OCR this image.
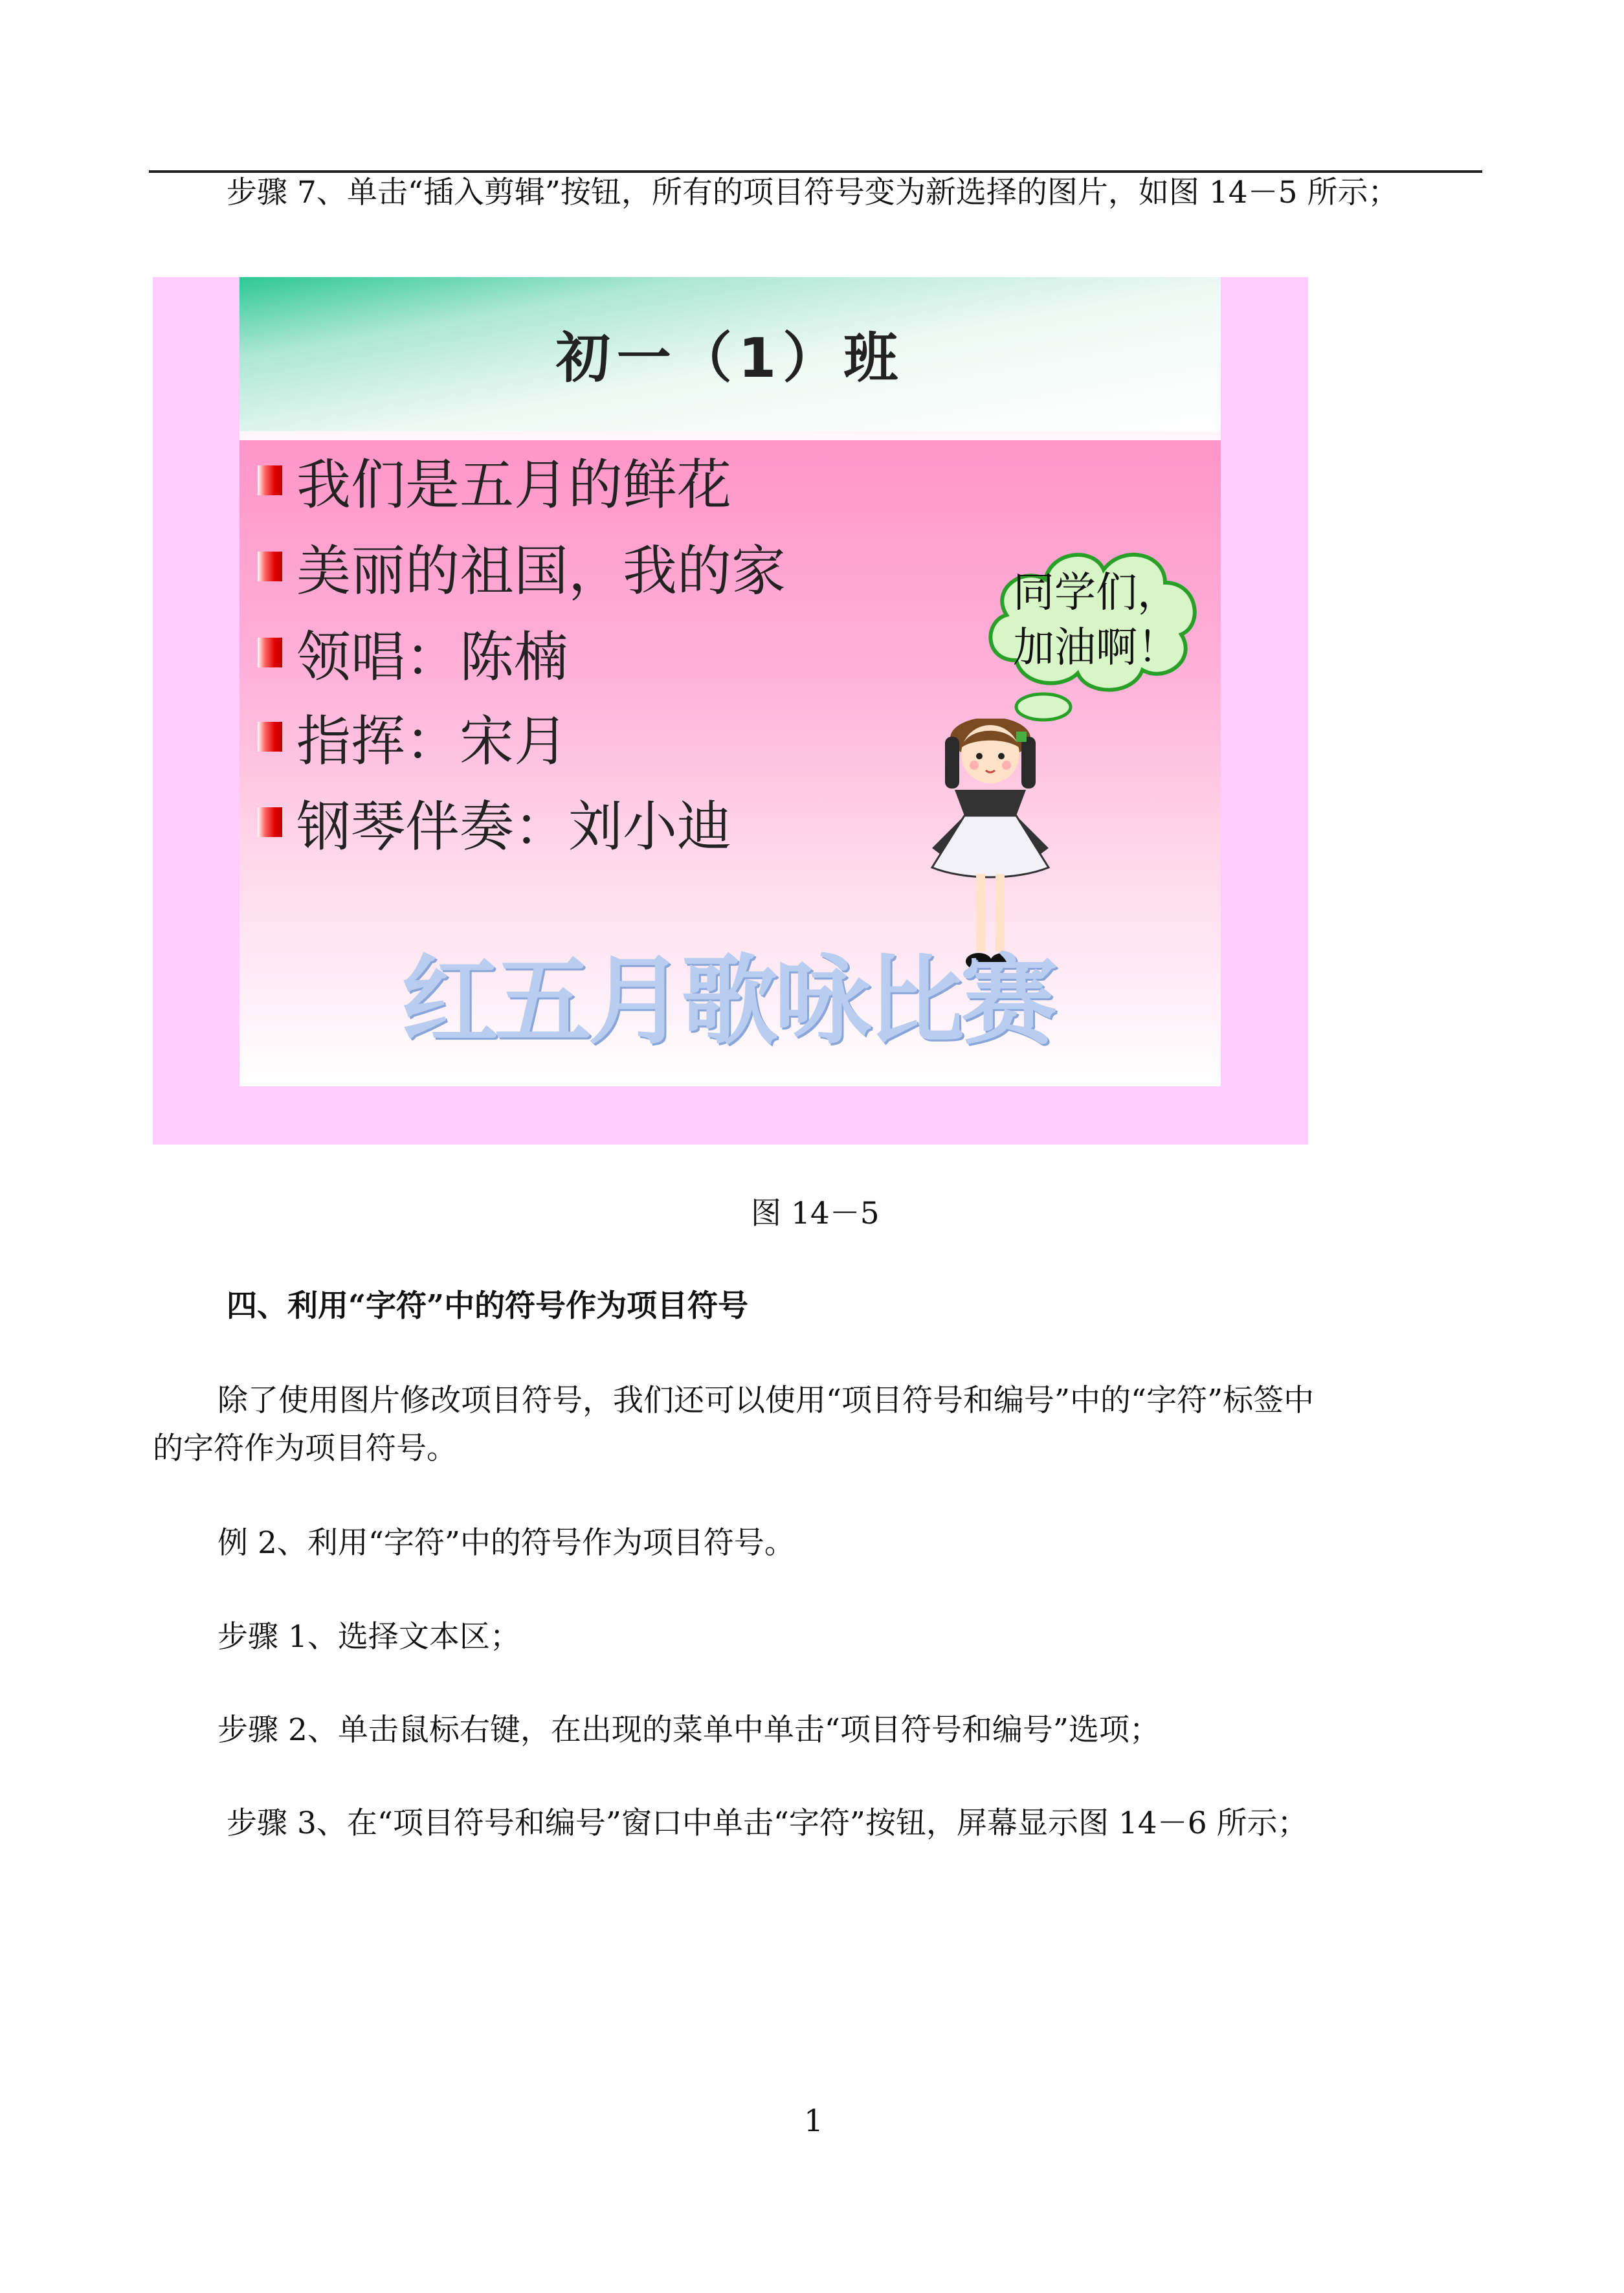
步骤 7、单击“插入剪辑”按钮，所有的项目符号变为新选择的图片，如图 14－5 所示；
初一（1）班
我们是五月的鲜花
美丽的祖国，我的家
领唱：陈楠
指挥：宋月
钢琴伴奏：刘小迪
同学们，
加油啊！
红五月歌咏比赛
图 14－5
四、利用“字符”中的符号作为项目符号
除了使用图片修改项目符号，我们还可以使用“项目符号和编号”中的“字符”标签中
的字符作为项目符号。
例 2、利用“字符”中的符号作为项目符号。
步骤 1、选择文本区；
步骤 2、单击鼠标右键，在出现的菜单中单击“项目符号和编号”选项；
步骤 3、在“项目符号和编号”窗口中单击“字符”按钮，屏幕显示图 14－6 所示；
1
